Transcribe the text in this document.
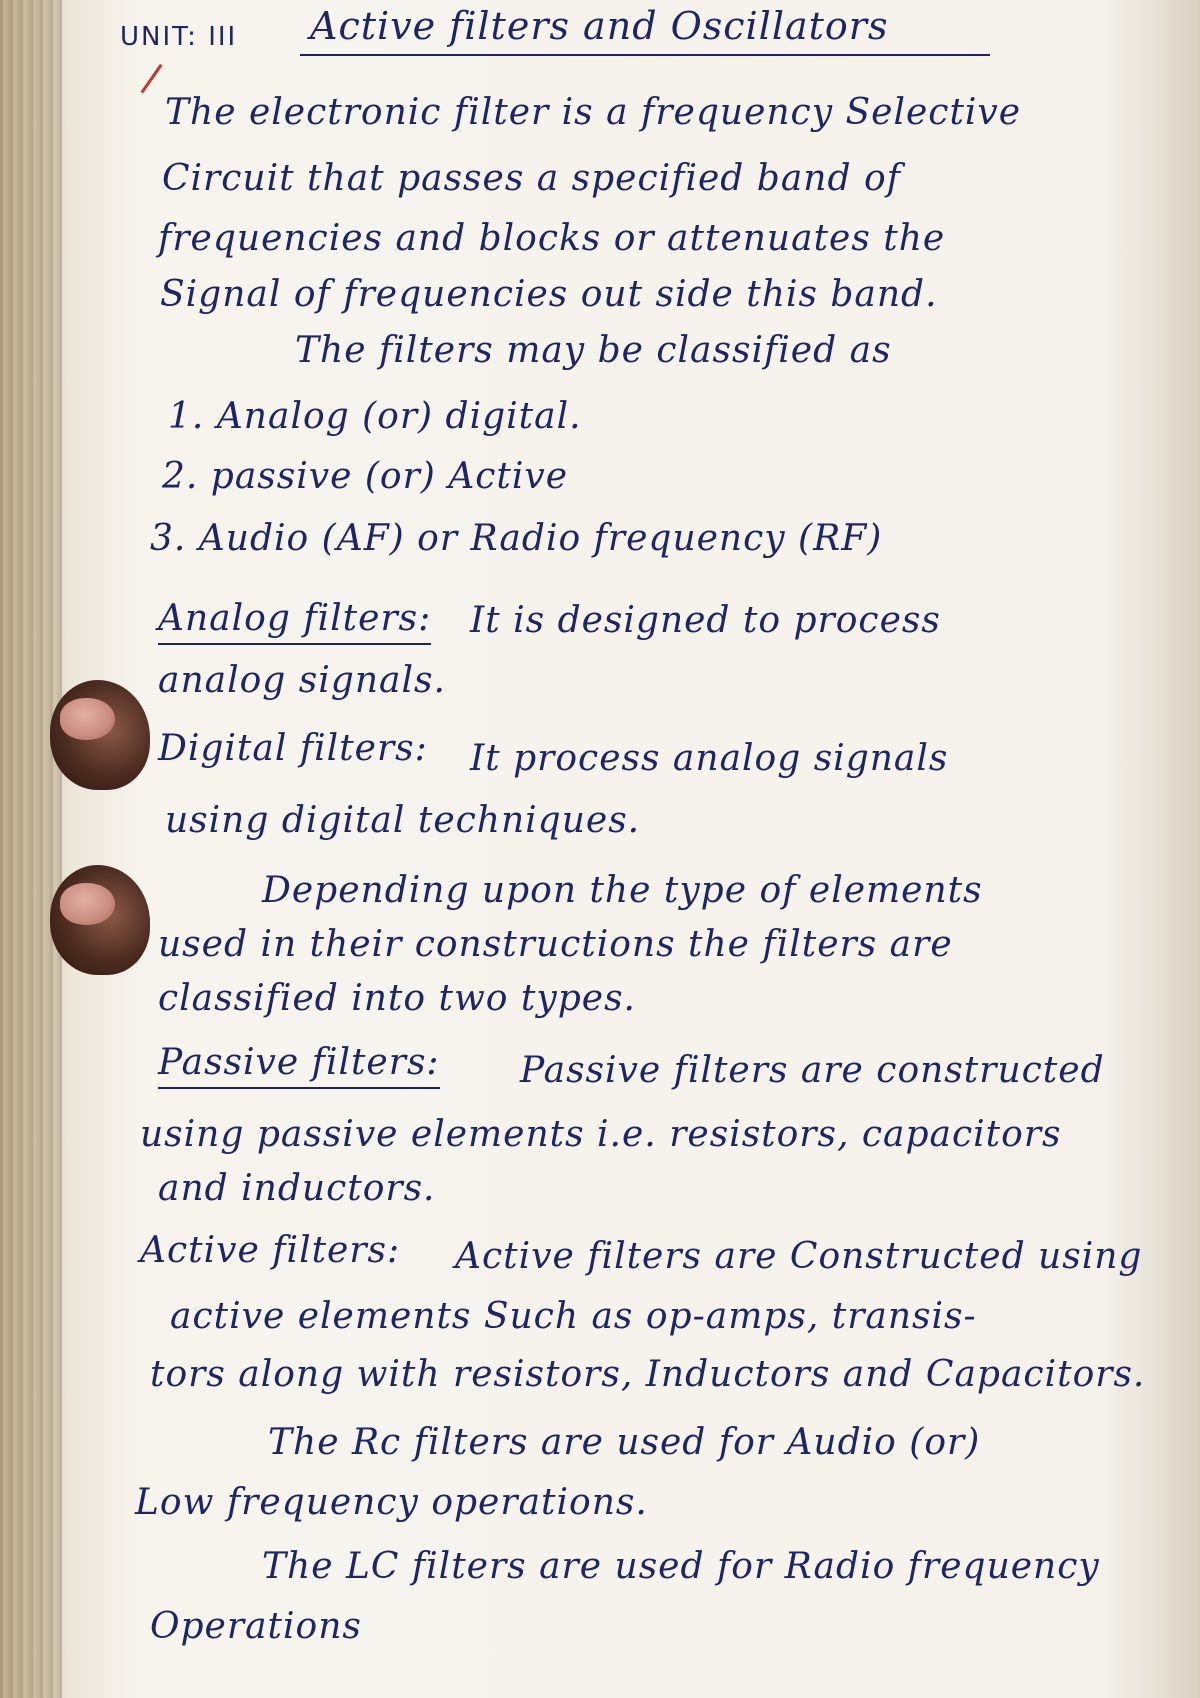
UNIT: III Active filters and Oscillators
The electronic filter is a frequency Selective
Circuit that passes a specified band of
frequencies and blocks or attenuates the
Signal of frequencies out side this band.
The filters may be classified as
1. Analog (or) digital.
2. passive (or) Active
3. Audio (AF) or Radio frequency (RF)
Analog filters: It is designed to process
analog signals.
Digital filters: It process analog signals
using digital techniques.
Depending upon the type of elements
used in their constructions the filters are
classified into two types.
Passive filters: Passive filters are constructed
using passive elements i.e. resistors, capacitors
and inductors.
Active filters: Active filters are Constructed using
active elements Such as op-amps, transis-
tors along with resistors, Inductors and Capacitors.
The Rc filters are used for Audio (or)
Low frequency operations.
The LC filters are used for Radio frequency
Operations
